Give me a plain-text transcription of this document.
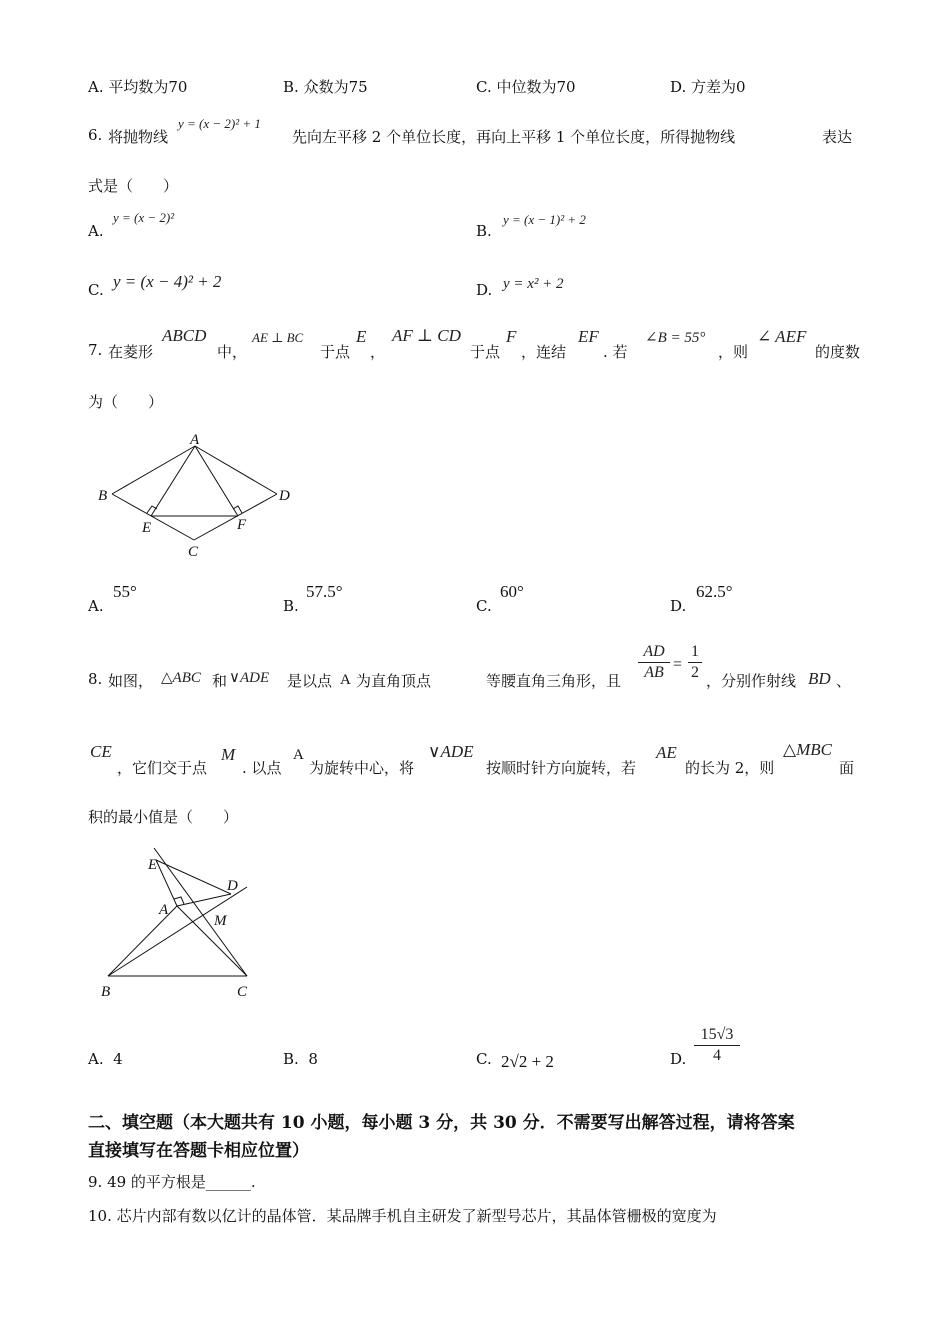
A. 平均数为70	B. 众数为75	C. 中位数为70	D. 方差为0
6. 将抛物线
y = (x − 2)² + 1
先向左平移 2 个单位长度，再向上平移 1 个单位长度，所得抛物线	表达
式是（　　）
A.
y = (x − 2)²
B.
y = (x − 1)² + 2
C. y = (x − 4)² + 2	D. y = x² + 2
7. 在菱形
ABCD
中，
AE ⊥ BC
于点
E
，
AF ⊥ CD
于点
F
，连结
EF
. 若
∠B = 55°
，则
∠ AEF
的度数
为（　　）
A
B
C
D
E	F
A.
55°
B.
57.5°
C.
60°
D.
62.5°
8. 如图， △ABC 和 ∨ADE 是以点 A 为直角顶点	等腰直角三角形，且
AD
AB =
1
2 ，分别作射线 BD 、
CE
，它们交于点
M
. 以点
A
为旋转中心，将
∨ADE
按顺时针方向旋转，若
AE
的长为 2，则
△MBC
面
积的最小值是（　　）
E
D
A
M
B	C
A. 4	B. 8	C. 2√2 + 2	D.
15√3
4
二、填空题（本大题共有 10 小题，每小题 3 分，共 30 分．不需要写出解答过程，请将答案
直接填写在答题卡相应位置）
9. 49 的平方根是______.
10. 芯片内部有数以亿计的晶体管．某品牌手机自主研发了新型号芯片，其晶体管栅极的宽度为
